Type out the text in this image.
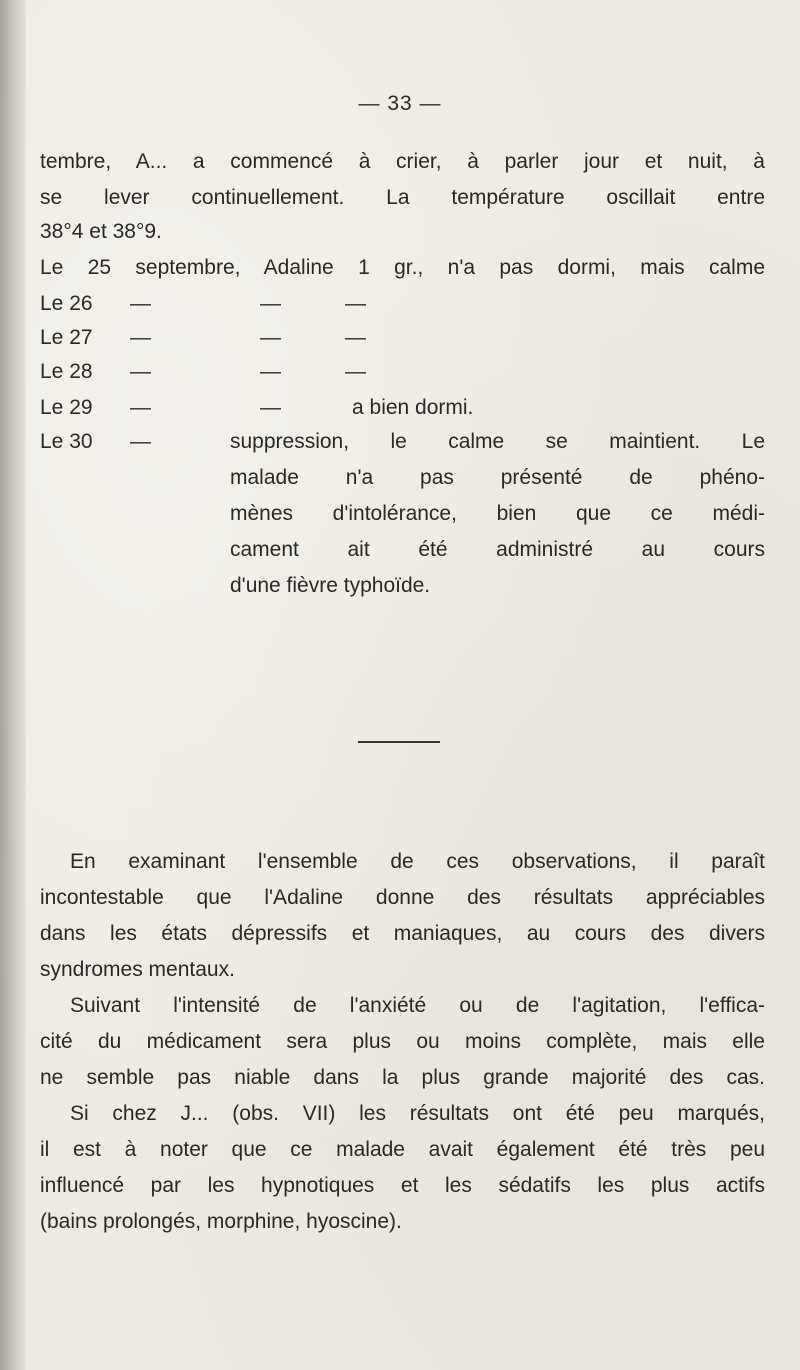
— 33 —
tembre, A... a commencé à crier, à parler jour et nuit, à
se lever continuellement. La température oscillait entre
38°4 et 38°9.
Le 25 septembre, Adaline 1 gr., n'a pas dormi, mais calme
Le 26 —	—	—
Le 27 —	—	—
Le 28 —	—	—
Le 29 —	—	a bien dormi.
Le 30 —	suppression, le calme se maintient. Le
malade n'a pas présenté de phéno-
mènes d'intolérance, bien que ce médi-
cament ait été administré au cours
d'une fièvre typhoïde.
En examinant l'ensemble de ces observations, il paraît
incontestable que l'Adaline donne des résultats appréciables
dans les états dépressifs et maniaques, au cours des divers
syndromes mentaux.
Suivant l'intensité de l'anxiété ou de l'agitation, l'effica-
cité du médicament sera plus ou moins complète, mais elle
ne semble pas niable dans la plus grande majorité des cas.
Si chez J... (obs. VII) les résultats ont été peu marqués,
il est à noter que ce malade avait également été très peu
influencé par les hypnotiques et les sédatifs les plus actifs
(bains prolongés, morphine, hyoscine).
